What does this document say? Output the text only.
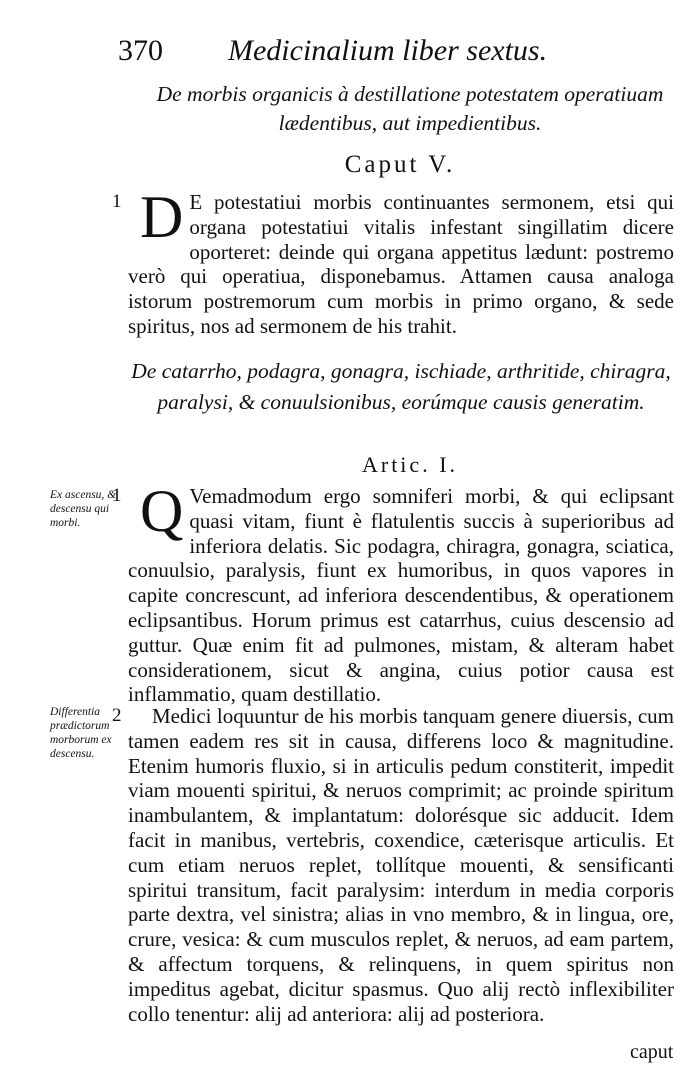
370 Medicinalium liber sextus.
De morbis organicis à destillatione potestatem operatiuam lædentibus, aut impedientibus.
Caput V.
1 D E potestatiui morbis continuantes sermonem, etsi qui organa potestatiui vitalis infestant singillatim dicere oporteret: deinde qui organa appetitus lædunt: postremo verò qui operatiua, disponebamus. Attamen causa analoga istorum postremorum cum morbis in primo organo, & sede spiritus, nos ad sermonem de his trahit.
De catarrho, podagra, gonagra, ischiade, arthritide, chiragra, paralysi, & conuulsionibus, eorúmque causis generatim.
Artic. I.
Ex ascensu, & descensu qui morbi.
1 Q Vemadmodum ergo somniferi morbi, & qui eclipsant quasi vitam, fiunt è flatulentis succis à superioribus ad inferiora delatis. Sic podagra, chiragra, gonagra, sciatica, conuulsio, paralysis, fiunt ex humoribus, in quos vapores in capite concrescunt, ad inferiora descendentibus, & operationem eclipsantibus. Horum primus est catarrhus, cuius descensio ad guttur. Quæ enim fit ad pulmones, mistam, & alteram habet considerationem, sicut & angina, cuius potior causa est inflammatio, quam destillatio.
Differentia prædictorum morborum ex descensu.
2 Medici loquuntur de his morbis tanquam genere diuersis, cum tamen eadem res sit in causa, differens loco & magnitudine. Etenim humoris fluxio, si in articulis pedum constiterit, impedit viam mouenti spiritui, & neruos comprimit; ac proinde spiritum inambulantem, & implantatum: dolorésque sic adducit. Idem facit in manibus, vertebris, coxendice, cæterisque articulis. Et cum etiam neruos replet, tollítque mouenti, & sensificanti spiritui transitum, facit paralysim: interdum in media corporis parte dextra, vel sinistra; alias in vno membro, & in lingua, ore, crure, vesica: & cum musculos replet, & neruos, ad eam partem, & affectum torquens, & relinquens, in quem spiritus non impeditus agebat, dicitur spasmus. Quo alij rectò inflexibiliter collo tenentur: alij ad anteriora: alij ad posteriora.
caput
